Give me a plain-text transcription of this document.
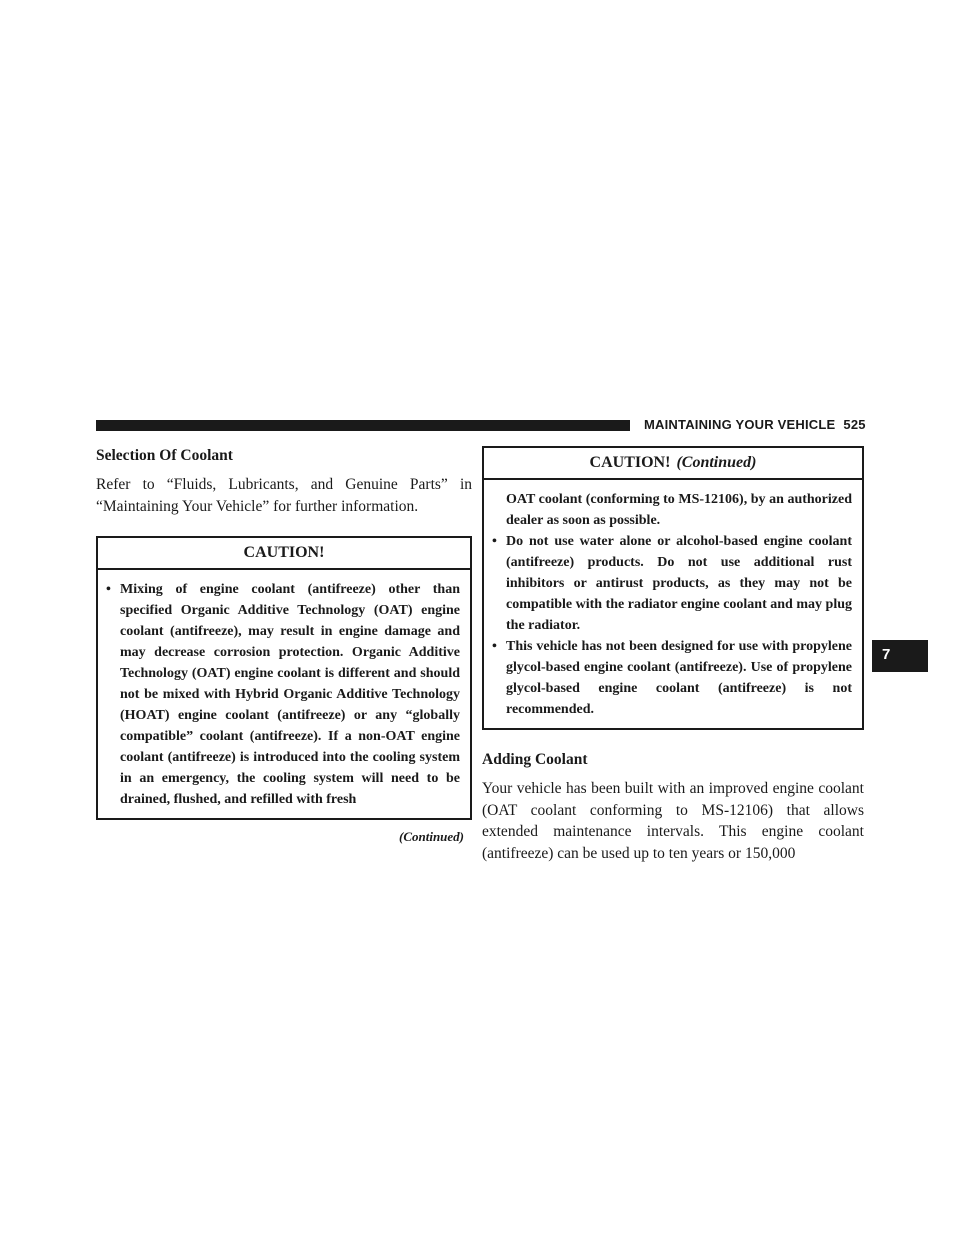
MAINTAINING YOUR VEHICLE 525
7
Selection Of Coolant

Refer to “Fluids, Lubricants, and Genuine Parts” in “Maintaining Your Vehicle” for further information.

CAUTION!
• Mixing of engine coolant (antifreeze) other than specified Organic Additive Technology (OAT) engine coolant (antifreeze), may result in engine damage and may decrease corrosion protection. Organic Additive Technology (OAT) engine coolant is different and should not be mixed with Hybrid Organic Additive Technology (HOAT) engine coolant (antifreeze) or any “globally compatible” coolant (antifreeze). If a non-OAT engine coolant (antifreeze) is introduced into the cooling system in an emergency, the cooling system will need to be drained, flushed, and refilled with fresh
(Continued)
CAUTION! (Continued)
OAT coolant (conforming to MS-12106), by an authorized dealer as soon as possible.
• Do not use water alone or alcohol-based engine coolant (antifreeze) products. Do not use additional rust inhibitors or antirust products, as they may not be compatible with the radiator engine coolant and may plug the radiator.
• This vehicle has not been designed for use with propylene glycol-based engine coolant (antifreeze). Use of propylene glycol-based engine coolant (antifreeze) is not recommended.
Adding Coolant

Your vehicle has been built with an improved engine coolant (OAT coolant conforming to MS-12106) that allows extended maintenance intervals. This engine coolant (antifreeze) can be used up to ten years or 150,000
